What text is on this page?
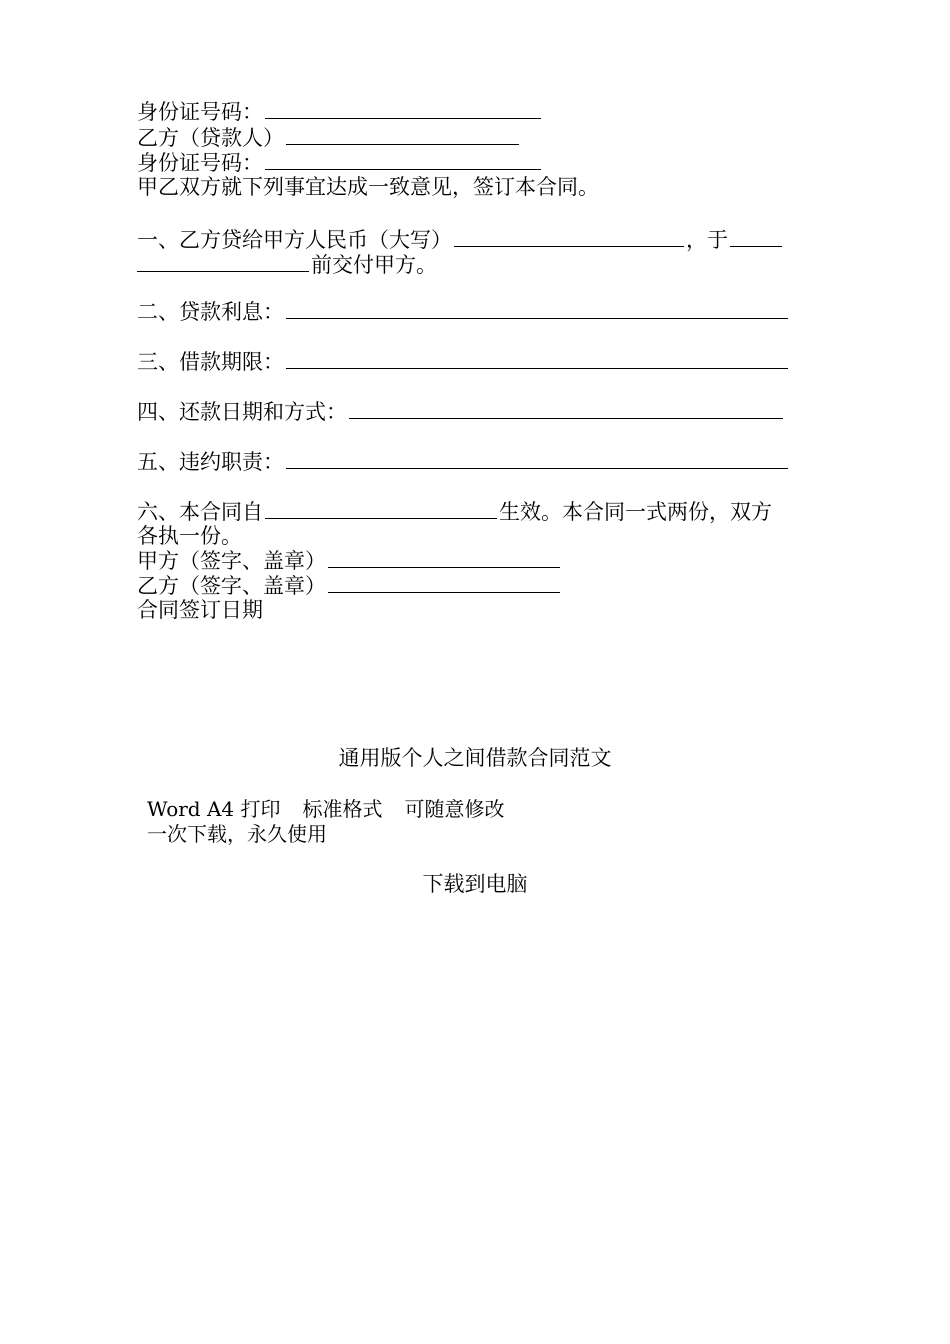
身份证号码：
乙方（贷款人）
身份证号码：
甲乙双方就下列事宜达成一致意见，签订本合同。
一、乙方贷给甲方人民币（大写）	，于
前交付甲方。
二、贷款利息：
三、借款期限：
四、还款日期和方式：
五、违约职责：
六、本合同自	生效。本合同一式两份，双方
各执一份。
甲方（签字、盖章）
乙方（签字、盖章）
合同签订日期
通用版个人之间借款合同范文
Word A4 打印 标准格式 可随意修改
一次下载，永久使用
下载到电脑
